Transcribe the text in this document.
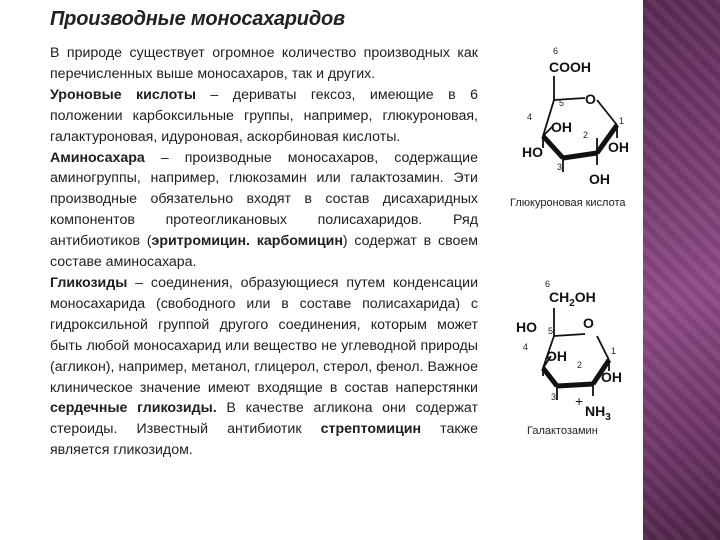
Производные моносахаридов

В природе существует огромное количество производных как перечисленных выше моносахаров, так и других.

Уроновые кислоты – дериваты гексоз, имеющие в 6 положении карбоксильные группы, например, глюкуроновая, галактуроновая, идуроновая, аскорбиновая кислоты.

Аминосахара – производные моносахаров, содержащие аминогруппы, например, глюкозамин или галактозамин. Эти производные обязательно входят в состав дисахаридных компонентов протеогликановых полисахаридов. Ряд антибиотиков (эритромицин. карбомицин) содержат в своем составе аминосахара.

Гликозиды – соединения, образующиеся путем конденсации моносахарида (свободного или в составе полисахарида) с гидроксильной группой другого соединения, которым может быть любой моносахарид или вещество не углеводной природы (агликон), например, метанол, глицерол, стерол, фенол. Важное клиническое значение имеют входящие в состав наперстянки сердечные гликозиды. В качестве агликона они содержат стероиды. Известный антибиотик стрептомицин также является гликозидом.

6
COOH
5 O
4
OH 2
1
HO	OH
3
OH
Глюкуроновая кислота
6
$CH_2OH$
HO 5 O
4
OH
2
1
OH
3 +
$NH_3$
Галактозамин
